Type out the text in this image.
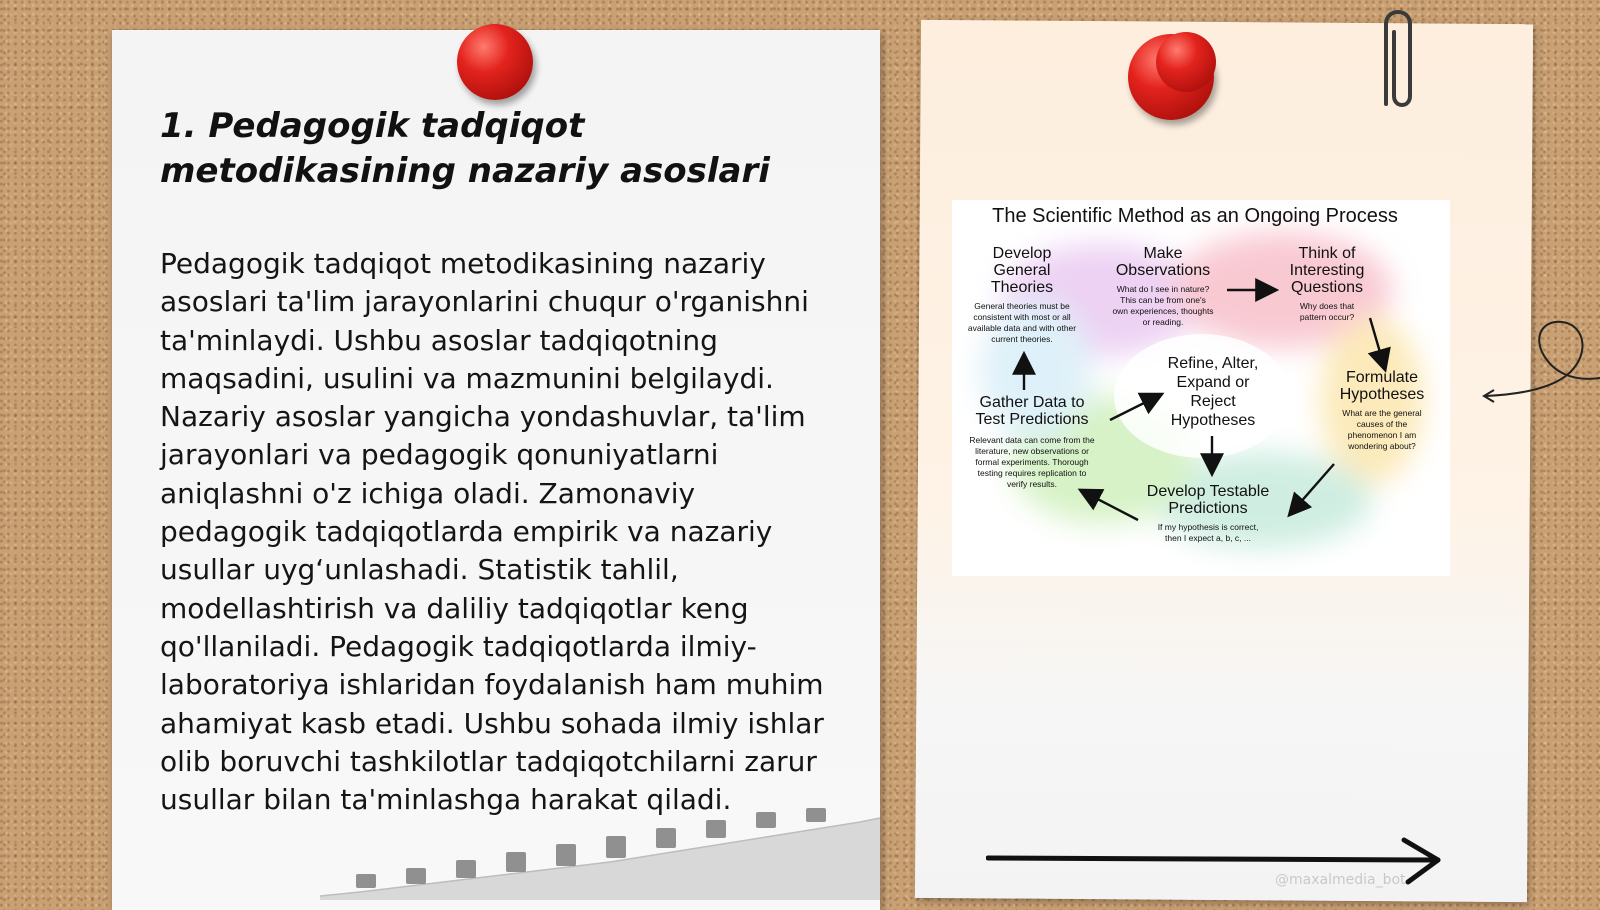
1. Pedagogik tadqiqot metodikasining nazariy asoslari

Pedagogik tadqiqot metodikasining nazariy asoslari ta'lim jarayonlarini chuqur o'rganishni ta'minlaydi. Ushbu asoslar tadqiqotning maqsadini, usulini va mazmunini belgilaydi. Nazariy asoslar yangicha yondashuvlar, ta'lim jarayonlari va pedagogik qonuniyatlarni aniqlashni o'z ichiga oladi. Zamonaviy pedagogik tadqiqotlarda empirik va nazariy usullar uyg‘unlashadi. Statistik tahlil, modellashtirish va daliliy tadqiqotlar keng qo'llaniladi. Pedagogik tadqiqotlarda ilmiy-laboratoriya ishlaridan foydalanish ham muhim ahamiyat kasb etadi. Ushbu sohada ilmiy ishlar olib boruvchi tashkilotlar tadqiqotchilarni zarur usullar bilan ta'minlashga harakat qiladi.

The Scientific Method as an Ongoing Process
Develop
General
Theories
General theories must be
consistent with most or all
available data and with other
current theories.
Make
Observations
What do I see in nature?
This can be from one's
own experiences, thoughts
or reading.
Think of
Interesting
Questions
Why does that
pattern occur?
Formulate
Hypotheses
What are the general
causes of the
phenomenon I am
wondering about?
Refine, Alter,
Expand or
Reject
Hypotheses
Gather Data to
Test Predictions
Relevant data can come from the
literature, new observations or
formal experiments. Thorough
testing requires replication to
verify results.	Develop Testable
Predictions
If my hypothesis is correct,
then I expect a, b, c, ...
@maxalmedia_bot
